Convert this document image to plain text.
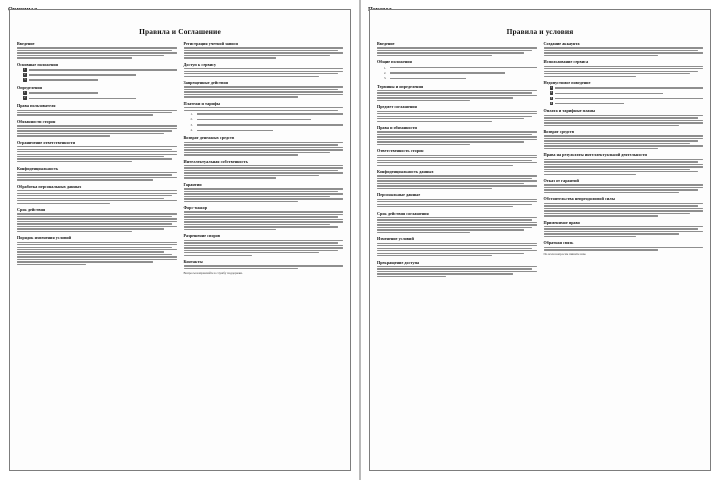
Правила и Соглашение
Введение
Основные положения
1
2
3
Определения
1
2
Права пользователя
Обязанности сторон
Ограничение ответственности
Конфиденциальность
Обработка персональных данных
Срок действия
Порядок изменения условий
Регистрация учетной записи
Доступ к сервису
Запрещенные действия
Платежи и тарифы
1.
2.
3.
4.
Возврат денежных средств
Интеллектуальная собственность
Гарантии
Форс-мажор
Разрешение споров
Контакты
Вопросы направляйте в службу поддержки.
Правила и условия
Введение
Общие положения
1.
2.
3.
Термины и определения
Предмет соглашения
Права и обязанности
Ответственность сторон
Конфиденциальность данных
Персональные данные
Срок действия соглашения
Изменение условий
Прекращение доступа
Создание аккаунта
Использование сервиса
Недопустимое поведение
1
2
3
4
Оплата и тарифные планы
Возврат средств
Права на результаты интеллектуальной деятельности
Отказ от гарантий
Обстоятельства непреодолимой силы
Применимое право
Обратная связь
По всем вопросам пишите нам.
